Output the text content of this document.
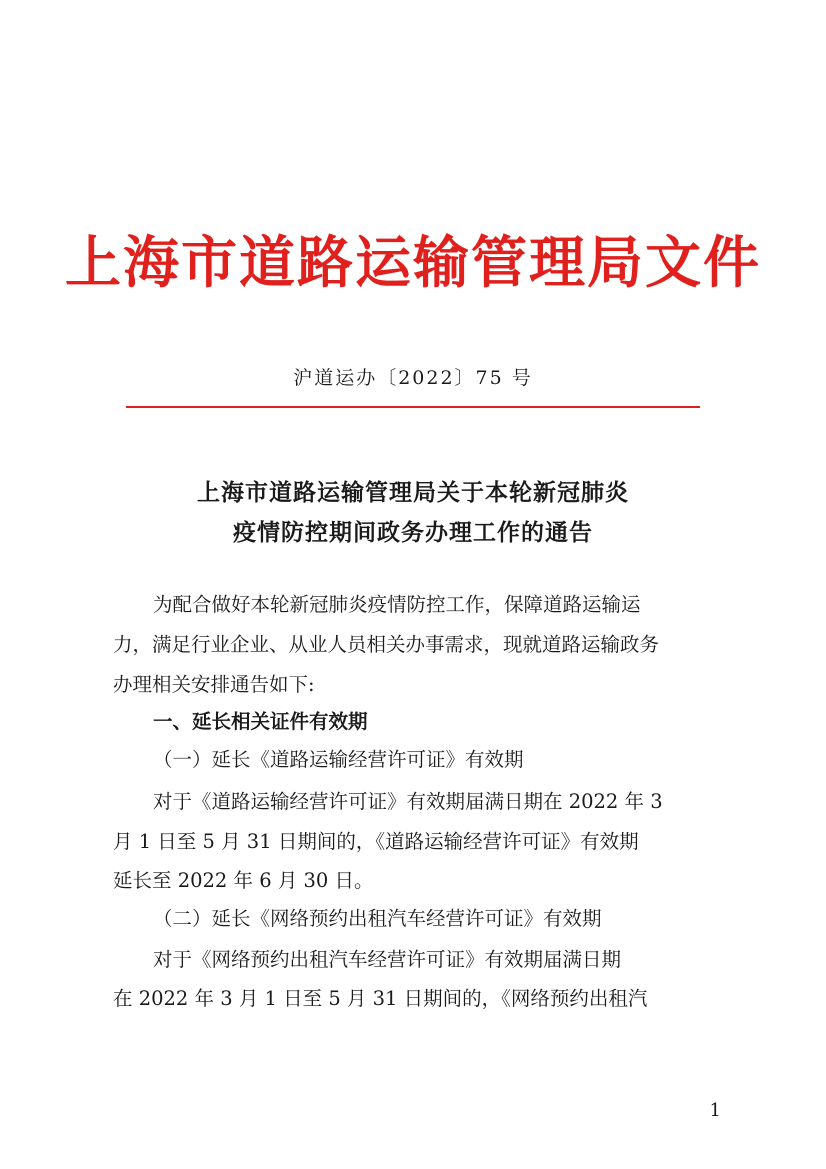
上海市道路运输管理局文件
沪道运办〔2022〕75 号
上海市道路运输管理局关于本轮新冠肺炎
疫情防控期间政务办理工作的通告
为配合做好本轮新冠肺炎疫情防控工作，保障道路运输运
力，满足行业企业、从业人员相关办事需求，现就道路运输政务
办理相关安排通告如下:
一、延长相关证件有效期
（一）延长《道路运输经营许可证》有效期
对于《道路运输经营许可证》有效期届满日期在 2022 年 3
月 1 日至 5 月 31 日期间的，《道路运输经营许可证》有效期
延长至 2022 年 6 月 30 日。
（二）延长《网络预约出租汽车经营许可证》有效期
对于《网络预约出租汽车经营许可证》有效期届满日期
在 2022 年 3 月 1 日至 5 月 31 日期间的，《网络预约出租汽
1
